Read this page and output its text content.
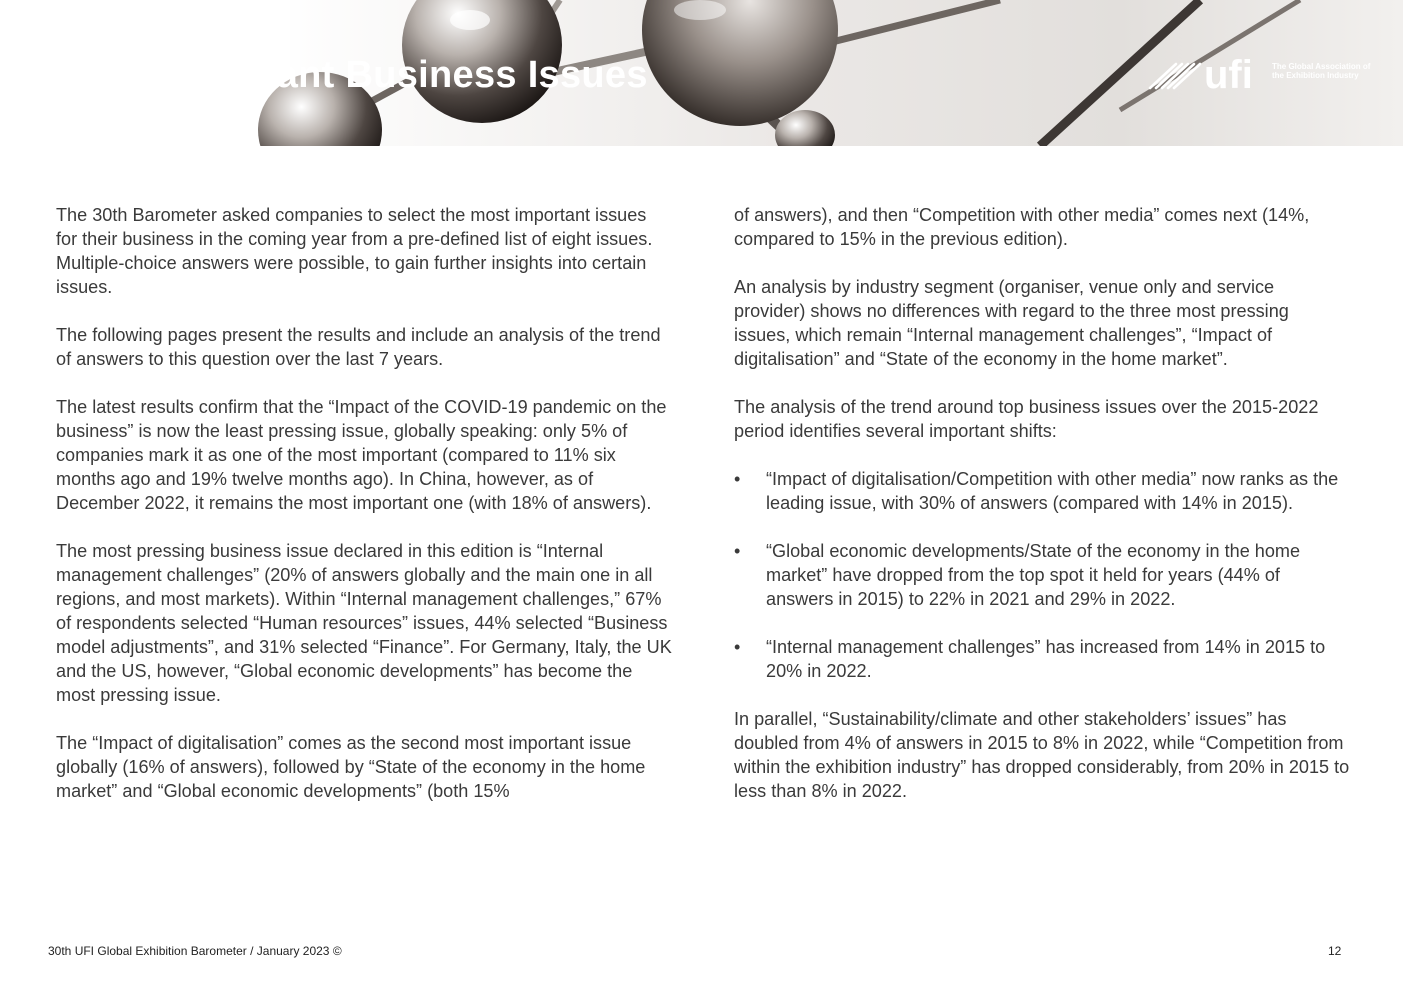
Most Important Business Issues	ufi The Global Association of the Exhibition Industry

The 30th Barometer asked companies to select the most important issues for their business in the coming year from a pre-defined list of eight issues. Multiple-choice answers were possible, to gain further insights into certain issues.

The following pages present the results and include an analysis of the trend of answers to this question over the last 7 years.

The latest results confirm that the “Impact of the COVID-19 pandemic on the business” is now the least pressing issue, globally speaking: only 5% of companies mark it as one of the most important (compared to 11% six months ago and 19% twelve months ago). In China, however, as of December 2022, it remains the most important one (with 18% of answers).

The most pressing business issue declared in this edition is “Internal management challenges” (20% of answers globally and the main one in all regions, and most markets). Within “Internal management challenges,” 67% of respondents selected “Human resources” issues, 44% selected “Business model adjustments”, and 31% selected “Finance”. For Germany, Italy, the UK and the US, however, “Global economic developments” has become the most pressing issue.

The “Impact of digitalisation” comes as the second most important issue globally (16% of answers), followed by “State of the economy in the home market” and “Global economic developments” (both 15%

of answers), and then “Competition with other media” comes next (14%, compared to 15% in the previous edition).

An analysis by industry segment (organiser, venue only and service provider) shows no differences with regard to the three most pressing issues, which remain “Internal management challenges”, “Impact of digitalisation” and “State of the economy in the home market”.

The analysis of the trend around top business issues over the 2015-2022 period identifies several important shifts:

• “Impact of digitalisation/Competition with other media” now ranks as the leading issue, with 30% of answers (compared with 14% in 2015).
• “Global economic developments/State of the economy in the home market” have dropped from the top spot it held for years (44% of answers in 2015) to 22% in 2021 and 29% in 2022.
• “Internal management challenges” has increased from 14% in 2015 to 20% in 2022.

In parallel, “Sustainability/climate and other stakeholders’ issues” has doubled from 4% of answers in 2015 to 8% in 2022, while “Competition from within the exhibition industry” has dropped considerably, from 20% in 2015 to less than 8% in 2022.

30th UFI Global Exhibition Barometer / January 2023 ©	12
